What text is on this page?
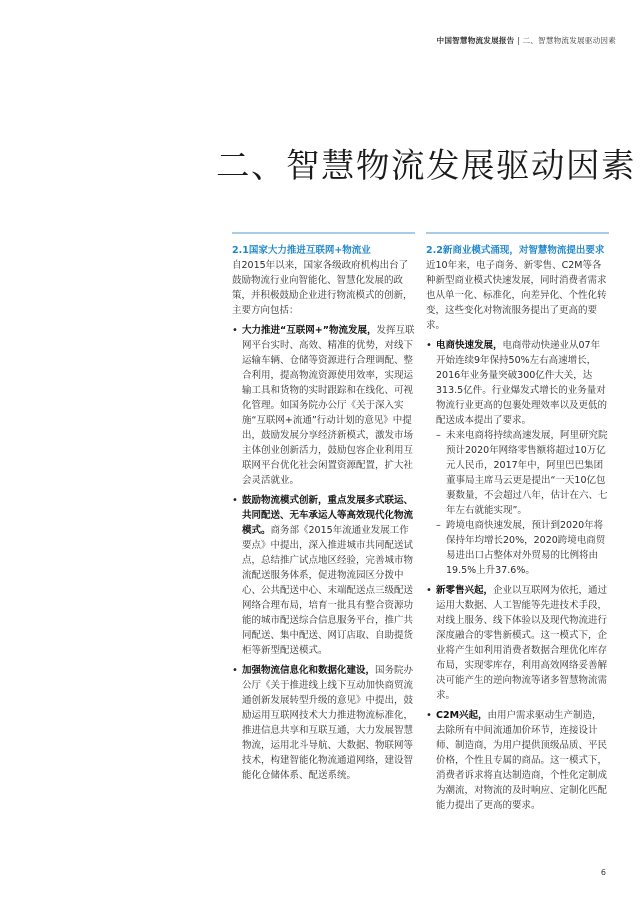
中国智慧物流发展报告 | 二、智慧物流发展驱动因素
二、智慧物流发展驱动因素

2.1国家大力推进互联网+物流业

自2015年以来，国家各级政府机构出台了鼓励物流行业向智能化、智慧化发展的政策，并积极鼓励企业进行物流模式的创新，主要方向包括：

• 大力推进“互联网+”物流发展，发挥互联网平台实时、高效、精准的优势，对线下运输车辆、仓储等资源进行合理调配、整合利用，提高物流资源使用效率，实现运输工具和货物的实时跟踪和在线化、可视化管理。如国务院办公厅《关于深入实施“互联网+流通”行动计划的意见》中提出，鼓励发展分享经济新模式，激发市场主体创业创新活力，鼓励包容企业利用互联网平台优化社会闲置资源配置，扩大社会灵活就业。
• 鼓励物流模式创新，重点发展多式联运、共同配送、无车承运人等高效现代化物流模式。商务部《2015年流通业发展工作要点》中提出，深入推进城市共同配送试点，总结推广试点地区经验，完善城市物流配送服务体系，促进物流园区分拨中心、公共配送中心、末端配送点三级配送网络合理布局，培育一批具有整合资源功能的城市配送综合信息服务平台，推广共同配送、集中配送、网订店取、自助提货柜等新型配送模式。
• 加强物流信息化和数据化建设，国务院办公厅《关于推进线上线下互动加快商贸流通创新发展转型升级的意见》中提出，鼓励运用互联网技术大力推进物流标准化，推进信息共享和互联互通，大力发展智慧物流，运用北斗导航、大数据、物联网等技术，构建智能化物流通道网络，建设智能化仓储体系、配送系统。

2.2新商业模式涌现，对智慧物流提出要求

近10年来，电子商务、新零售、C2M等各种新型商业模式快速发展，同时消费者需求也从单一化、标准化，向差异化、个性化转变，这些变化对物流服务提出了更高的要求。

• 电商快速发展，电商带动快递业从07年开始连续9年保持50%左右高速增长，2016年业务量突破300亿件大关，达313.5亿件。行业爆发式增长的业务量对物流行业更高的包裹处理效率以及更低的配送成本提出了要求。
– 未来电商将持续高速发展，阿里研究院预计2020年网络零售额将超过10万亿元人民币，2017年中，阿里巴巴集团董事局主席马云更是提出“一天10亿包裹数量，不会超过八年，估计在六、七年左右就能实现”。
– 跨境电商快速发展，预计到2020年将保持年均增长20%，2020跨境电商贸易进出口占整体对外贸易的比例将由19.5%上升37.6%。
• 新零售兴起，企业以互联网为依托，通过运用大数据、人工智能等先进技术手段，对线上服务、线下体验以及现代物流进行深度融合的零售新模式。这一模式下，企业将产生如利用消费者数据合理优化库存布局，实现零库存，利用高效网络妥善解决可能产生的逆向物流等诸多智慧物流需求。
• C2M兴起，由用户需求驱动生产制造，去除所有中间流通加价环节，连接设计师、制造商，为用户提供顶级品质、平民价格，个性且专属的商品。这一模式下，消费者诉求将直达制造商，个性化定制成为潮流，对物流的及时响应、定制化匹配能力提出了更高的要求。
6
